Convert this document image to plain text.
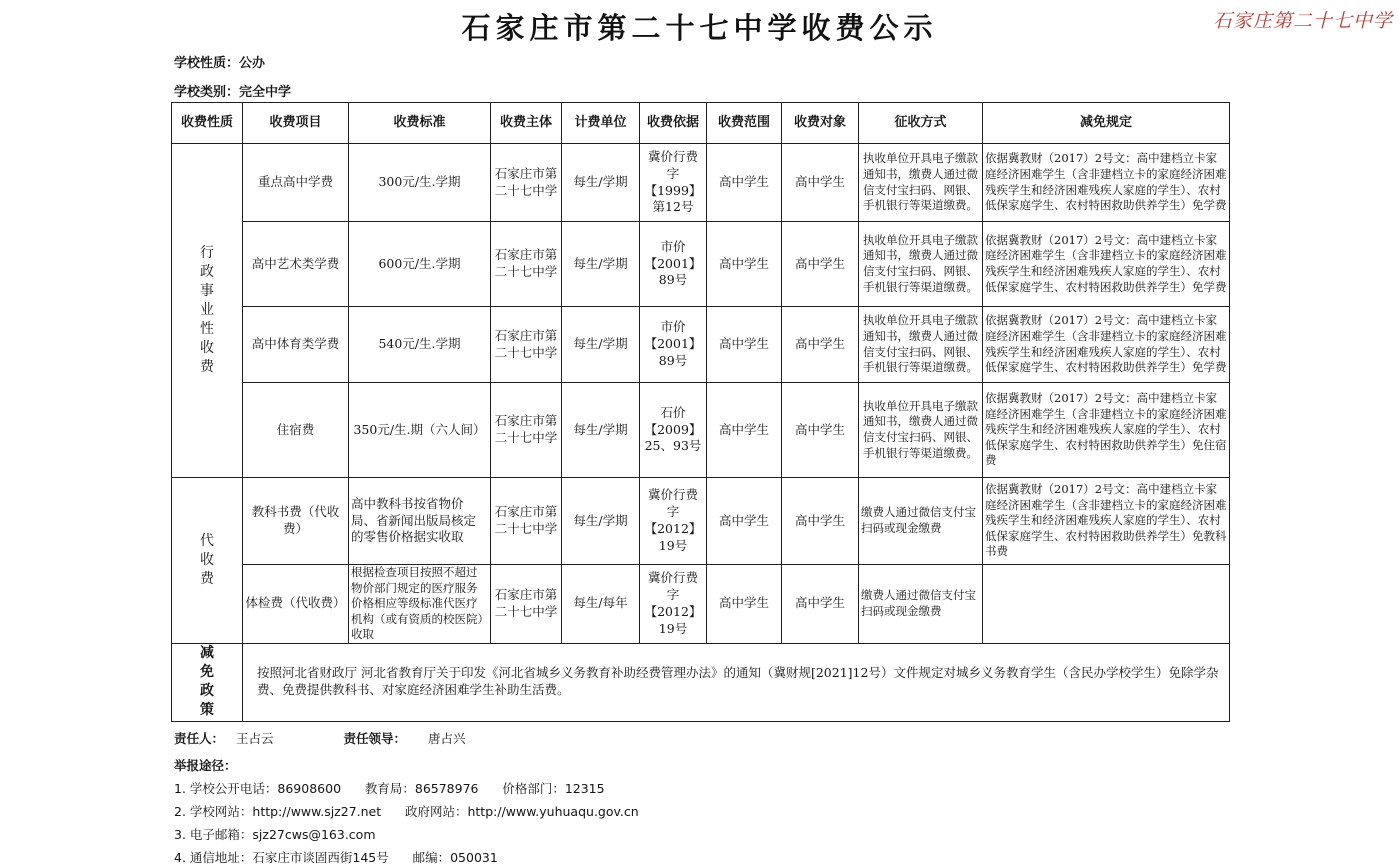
石家庄市第二十七中学收费公示	石家庄第二十七中学
学校性质：公办
学校类别：完全中学
收费性质	收费项目	收费标准	收费主体	计费单位	收费依据	收费范围	收费对象	征收方式	减免规定
行政事业性收费	重点高中学费	300元/生.学期	石家庄市第二十七中学	每生/学期	冀价行费字【1999】第12号	高中学生	高中学生	执收单位开具电子缴款通知书，缴费人通过微信支付宝扫码、网银、手机银行等渠道缴费。	依据冀教财（2017）2号文：高中建档立卡家庭经济困难学生（含非建档立卡的家庭经济困难残疾学生和经济困难残疾人家庭的学生）、农村低保家庭学生、农村特困救助供养学生）免学费
	高中艺术类学费	600元/生.学期	石家庄市第二十七中学	每生/学期	市价【2001】89号	高中学生	高中学生	执收单位开具电子缴款通知书，缴费人通过微信支付宝扫码、网银、手机银行等渠道缴费。	依据冀教财（2017）2号文：高中建档立卡家庭经济困难学生（含非建档立卡的家庭经济困难残疾学生和经济困难残疾人家庭的学生）、农村低保家庭学生、农村特困救助供养学生）免学费
	高中体育类学费	540元/生.学期	石家庄市第二十七中学	每生/学期	市价【2001】89号	高中学生	高中学生	执收单位开具电子缴款通知书，缴费人通过微信支付宝扫码、网银、手机银行等渠道缴费。	依据冀教财（2017）2号文：高中建档立卡家庭经济困难学生（含非建档立卡的家庭经济困难残疾学生和经济困难残疾人家庭的学生）、农村低保家庭学生、农村特困救助供养学生）免学费
	住宿费	350元/生.期（六人间）	石家庄市第二十七中学	每生/学期	石价【2009】25、93号	高中学生	高中学生	执收单位开具电子缴款通知书，缴费人通过微信支付宝扫码、网银、手机银行等渠道缴费。	依据冀教财（2017）2号文：高中建档立卡家庭经济困难学生（含非建档立卡的家庭经济困难残疾学生和经济困难残疾人家庭的学生）、农村低保家庭学生、农村特困救助供养学生）免住宿费
代收费	教科书费（代收费）	高中教科书按省物价局、省新闻出版局核定的零售价格据实收取	石家庄市第二十七中学	每生/学期	冀价行费字【2012】19号	高中学生	高中学生	缴费人通过微信支付宝扫码或现金缴费	依据冀教财（2017）2号文：高中建档立卡家庭经济困难学生（含非建档立卡的家庭经济困难残疾学生和经济困难残疾人家庭的学生）、农村低保家庭学生、农村特困救助供养学生）免教科书费
	体检费（代收费）	根据检查项目按照不超过物价部门规定的医疗服务价格相应等级标准代医疗机构（或有资质的校医院）收取	石家庄市第二十七中学	每生/每年	冀价行费字【2012】19号	高中学生	高中学生	缴费人通过微信支付宝扫码或现金缴费	
减免政策	按照河北省财政厅 河北省教育厅关于印发《河北省城乡义务教育补助经费管理办法》的通知（冀财规[2021]12号）文件规定对城乡义务教育学生（含民办学校学生）免除学杂费、免费提供教科书、对家庭经济困难学生补助生活费。								
责任人： 王占云	责任领导： 唐占兴
举报途径：
1. 学校公开电话：86908600      教育局：86578976      价格部门：12315
2. 学校网站：http://www.sjz27.net      政府网站：http://www.yuhuaqu.gov.cn
3. 电子邮箱：sjz27cws@163.com
4. 通信地址：石家庄市谈固西街145号      邮编：050031
